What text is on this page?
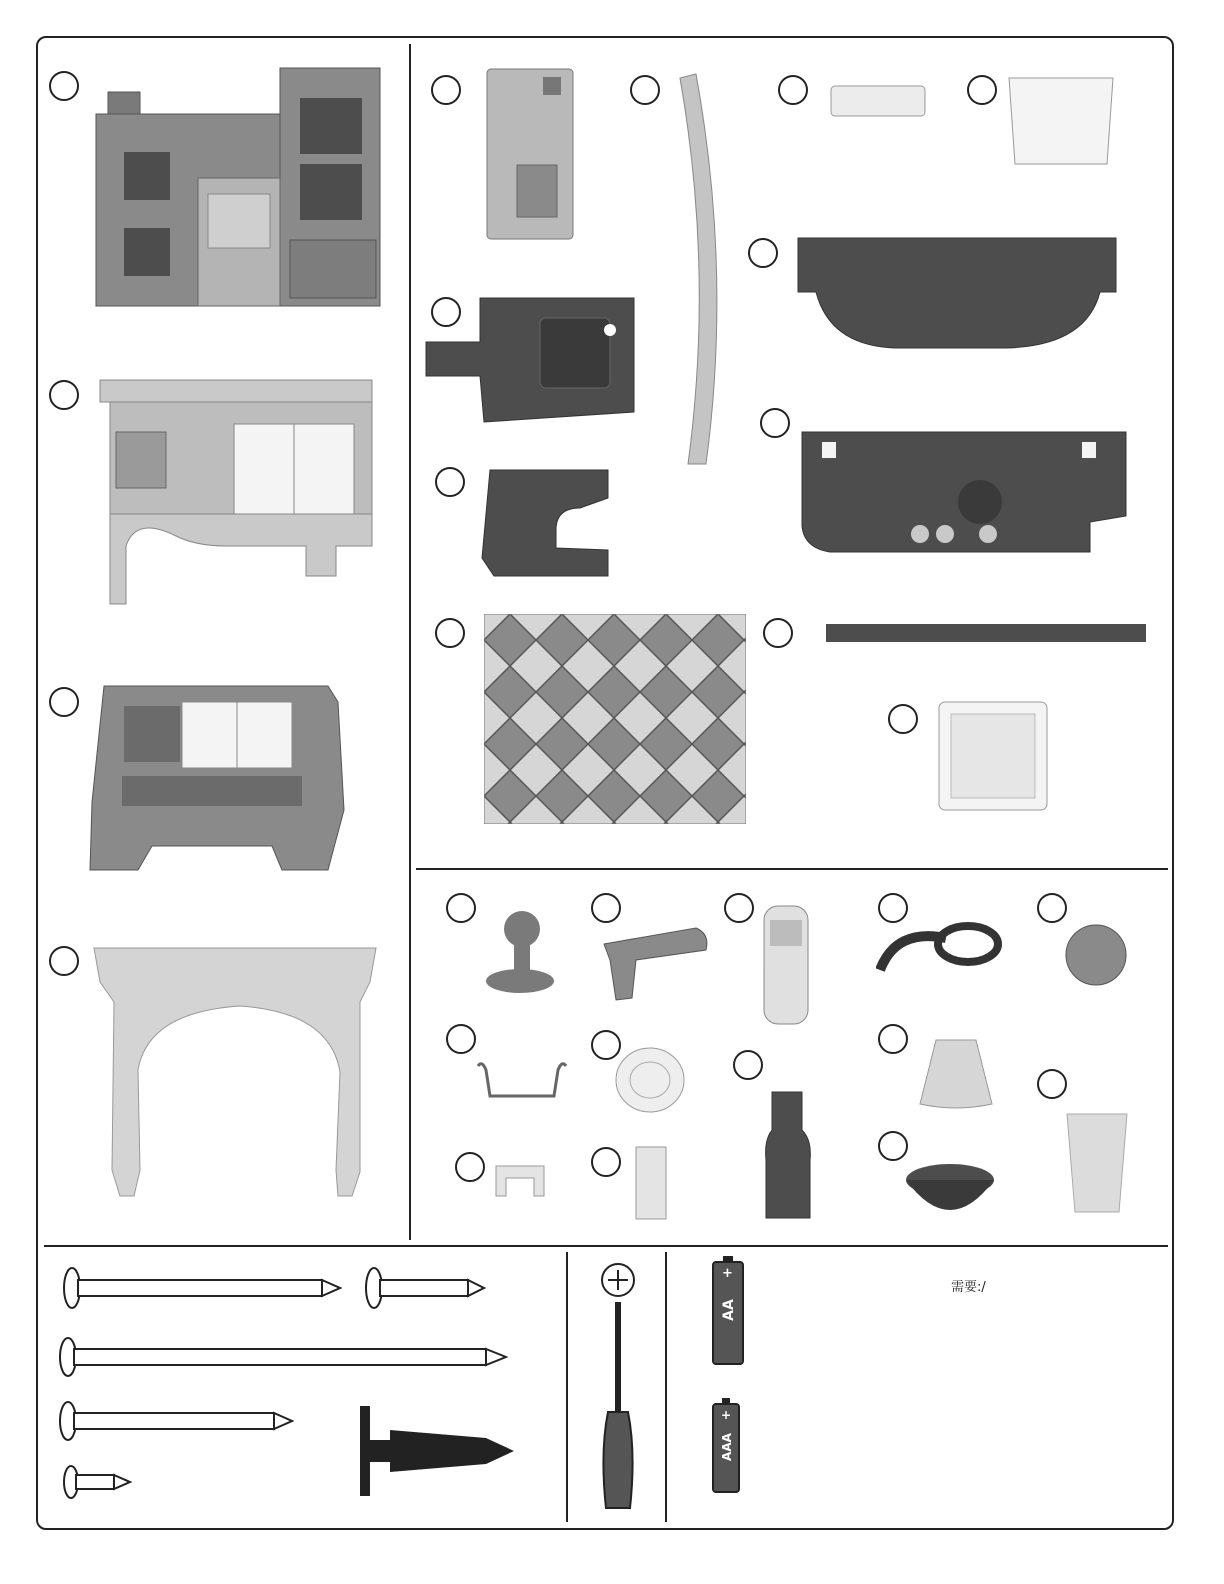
需要:/
AA
+
AAA
+
